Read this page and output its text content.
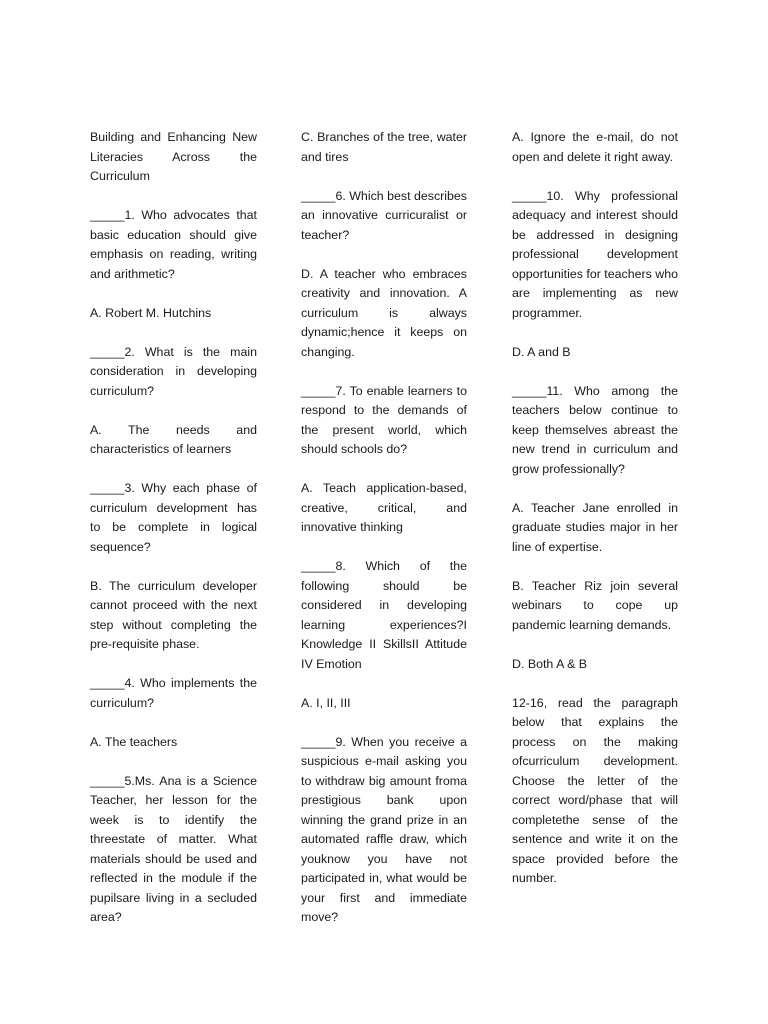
Building and Enhancing New Literacies Across the Curriculum

_____1. Who advocates that basic education should give emphasis on reading, writing and arithmetic?

A. Robert M. Hutchins

_____2. What is the main consideration in developing curriculum?

A. The needs and characteristics of learners

_____3. Why each phase of curriculum development has to be complete in logical sequence?

B. The curriculum developer cannot proceed with the next step without completing the pre-requisite phase.

_____4. Who implements the curriculum?

A. The teachers

_____5.Ms. Ana is a Science Teacher, her lesson for the week is to identify the threestate of matter. What materials should be used and reflected in the module if the pupilsare living in a secluded area?

C. Branches of the tree, water and tires

_____6. Which best describes an innovative curricuralist or teacher?

D. A teacher who embraces creativity and innovation. A curriculum is always dynamic;hence it keeps on changing.

_____7. To enable learners to respond to the demands of the present world, which should schools do?

A. Teach application-based, creative, critical, and innovative thinking

_____8. Which of the following should be considered in developing learning experiences?I Knowledge II SkillsII Attitude IV Emotion

A. I, II, III

_____9. When you receive a suspicious e-mail asking you to withdraw big amount froma prestigious bank upon winning the grand prize in an automated raffle draw, which youknow you have not participated in, what would be your first and immediate move?

A. Ignore the e-mail, do not open and delete it right away.

_____10. Why professional adequacy and interest should be addressed in designing professional development opportunities for teachers who are implementing as new programmer.

D. A and B

_____11. Who among the teachers below continue to keep themselves abreast the new trend in curriculum and grow professionally?

A. Teacher Jane enrolled in graduate studies major in her line of expertise.

B. Teacher Riz join several webinars to cope up pandemic learning demands.

D. Both A & B

12-16, read the paragraph below that explains the process on the making ofcurriculum development. Choose the letter of the correct word/phase that will completethe sense of the sentence and write it on the space provided before the number.
